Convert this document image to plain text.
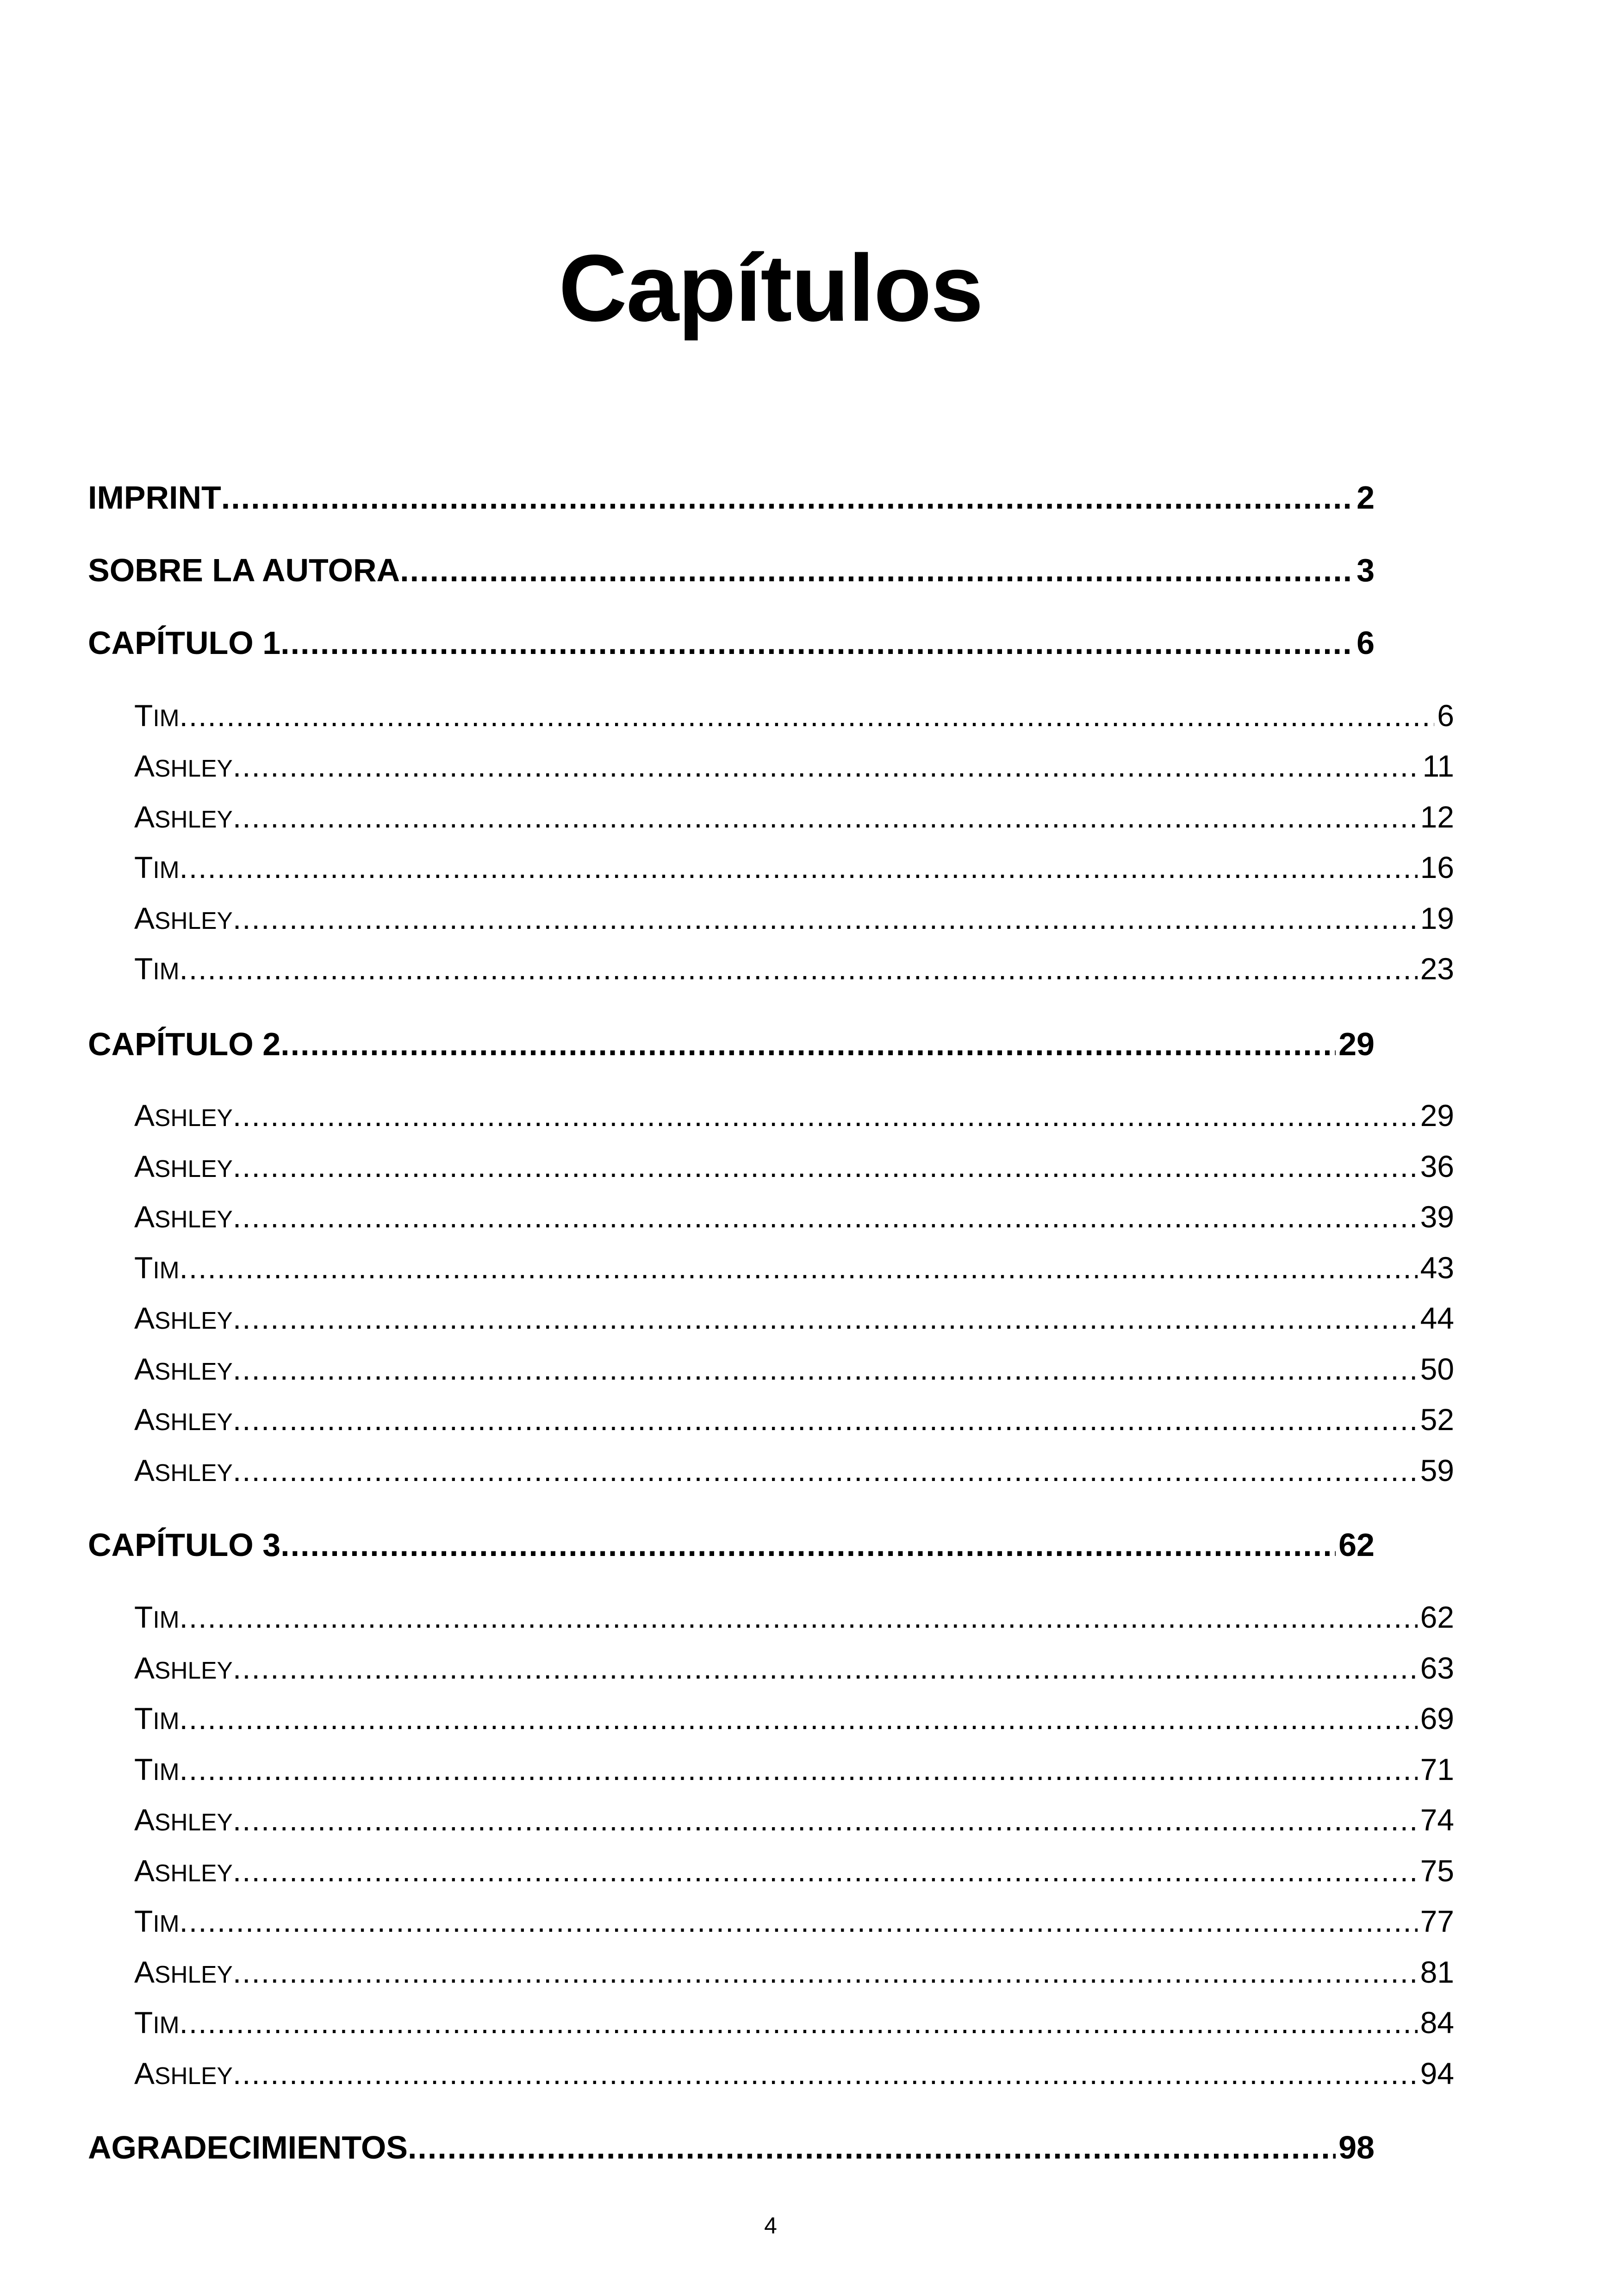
Capítulos
IMPRINT .....	2
SOBRE LA AUTORA .....	3
CAPÍTULO 1 .....	6
TIM .....	6
ASHLEY .....	11
ASHLEY .....	12
TIM .....	16
ASHLEY .....	19
TIM .....	23
CAPÍTULO 2 .....	29
ASHLEY .....	29
ASHLEY .....	36
ASHLEY .....	39
TIM .....	43
ASHLEY .....	44
ASHLEY .....	50
ASHLEY .....	52
ASHLEY .....	59
CAPÍTULO 3 .....	62
TIM .....	62
ASHLEY .....	63
TIM .....	69
TIM .....	71
ASHLEY .....	74
ASHLEY .....	75
TIM .....	77
ASHLEY .....	81
TIM .....	84
ASHLEY .....	94
AGRADECIMIENTOS .....	98
4
